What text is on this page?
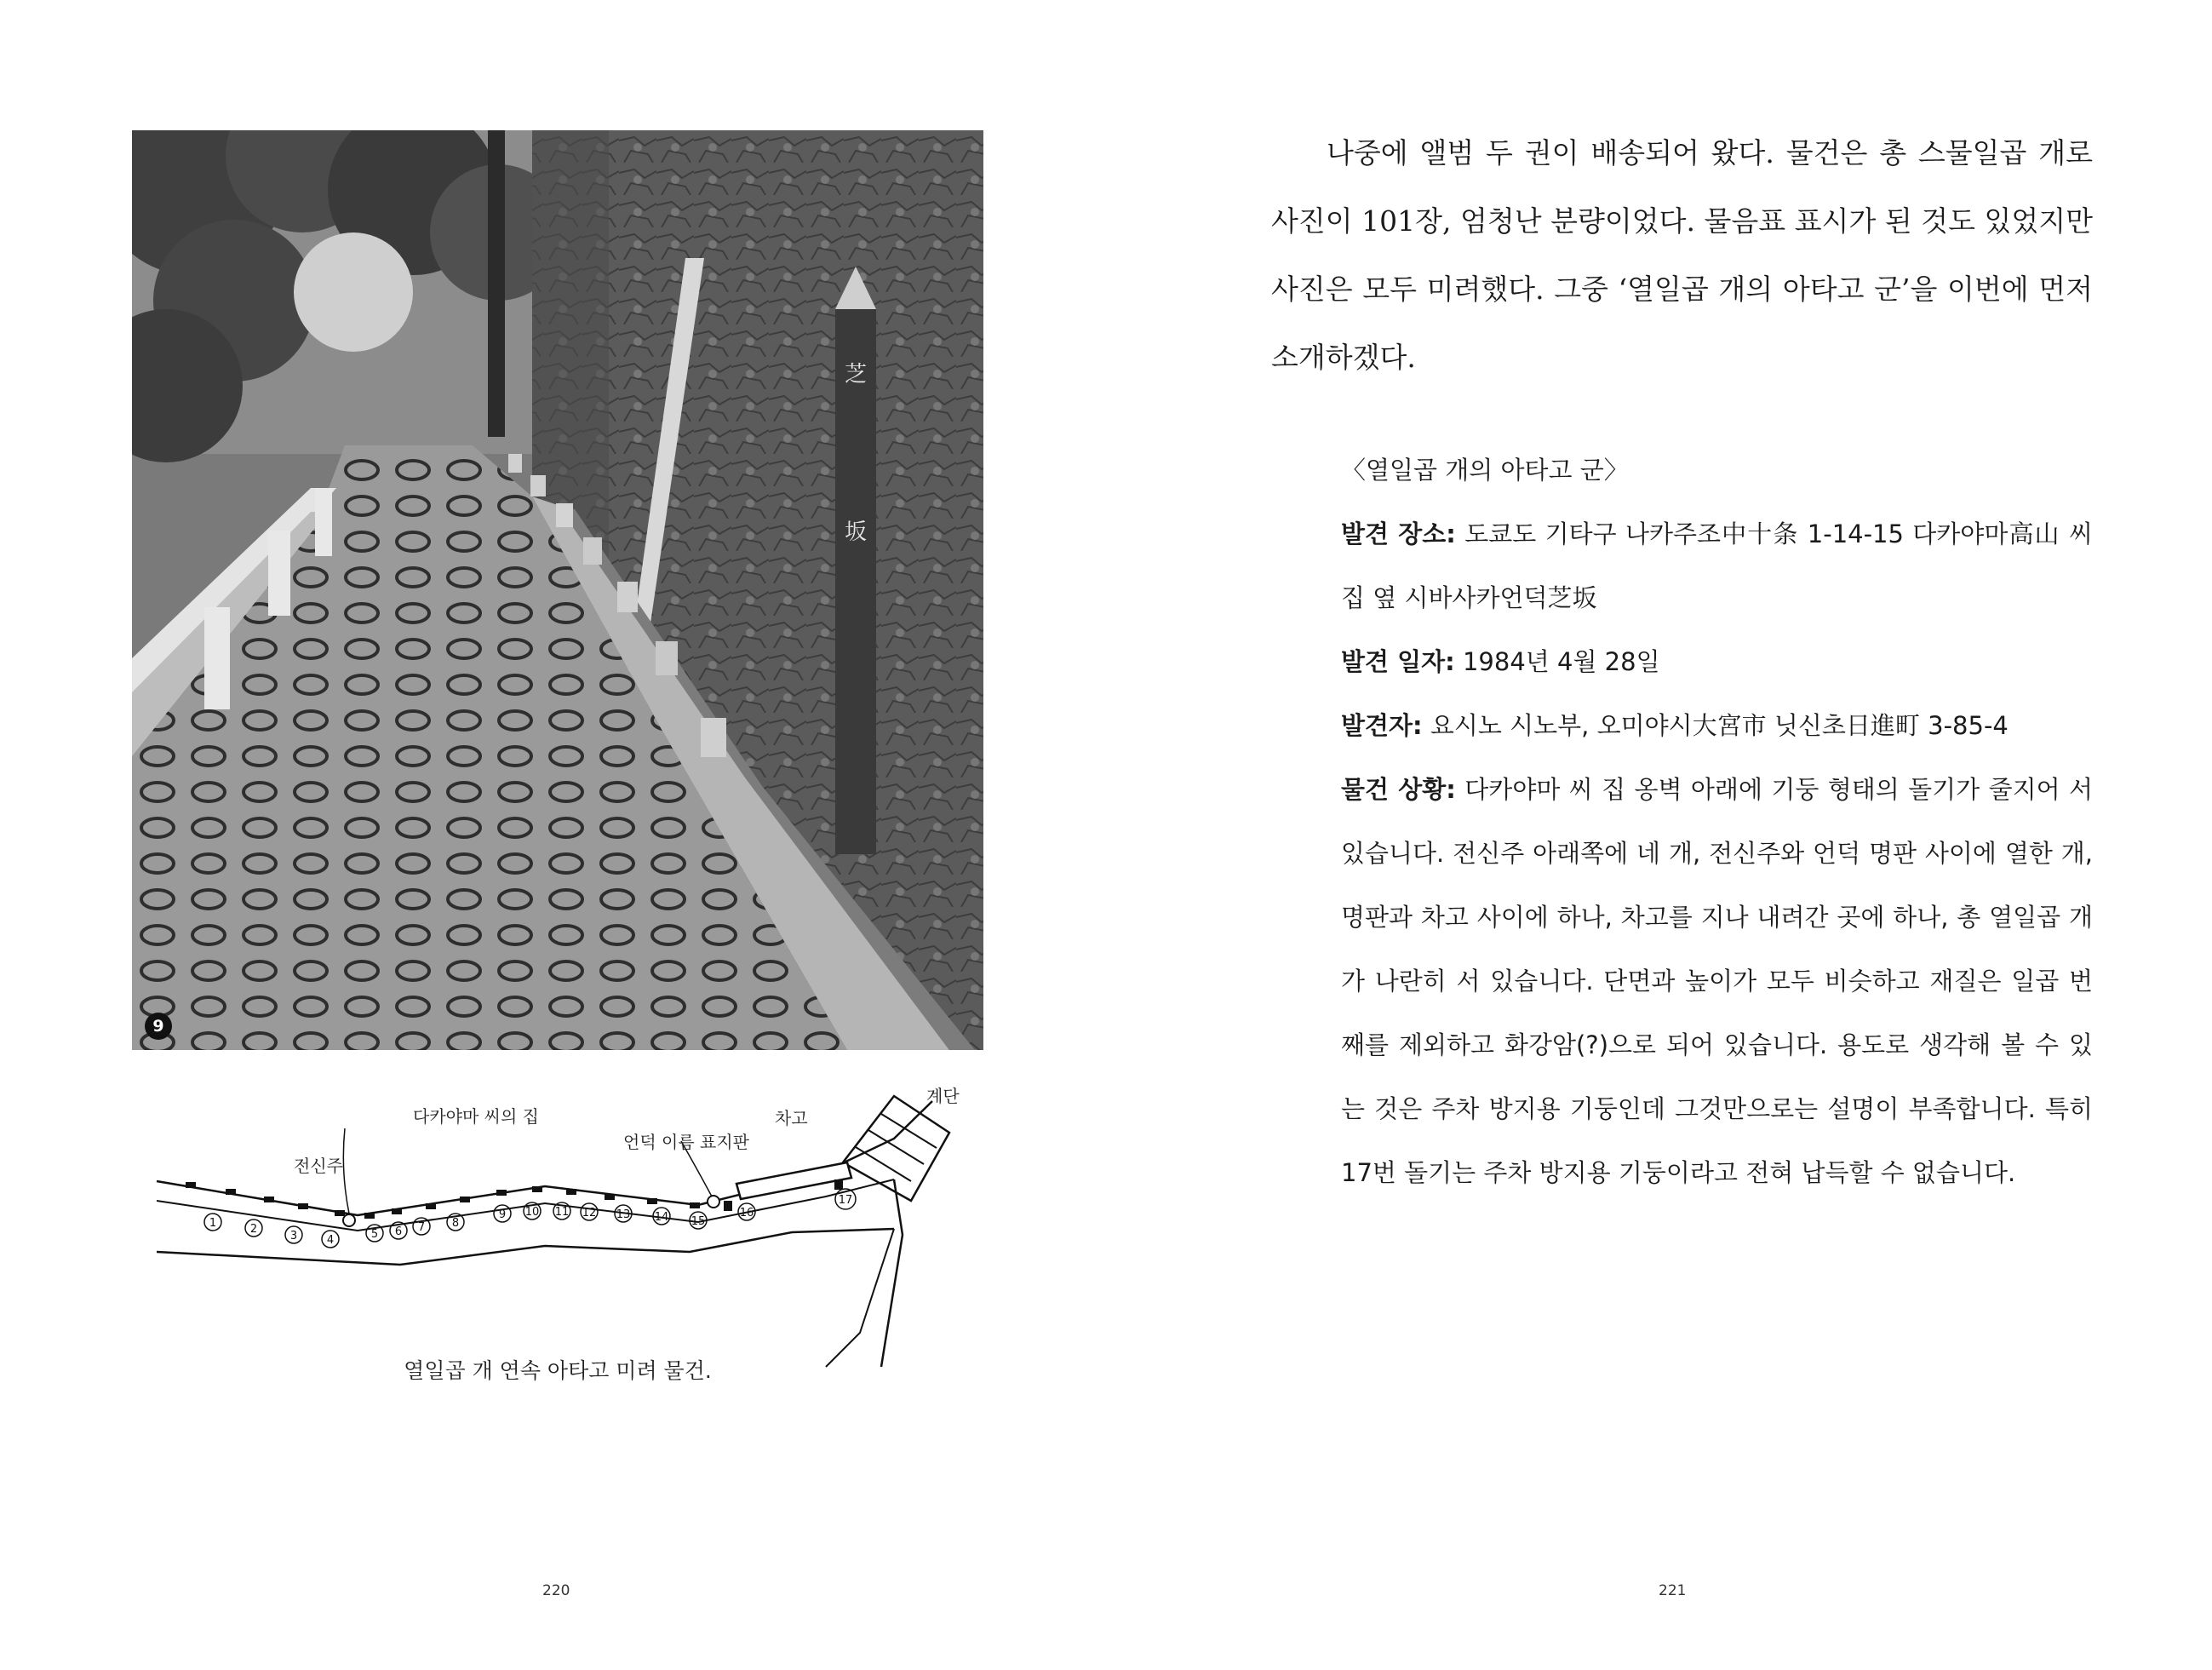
芝
坂
9
1	2
3	4	5 6 7 8
9 10 11 12 13 14 15
16
17
다카야마 씨의 집
언덕 이름 표지판
차고
계단
전신주
열일곱 개 연속 아타고 미려 물건.
220

나중에 앨범 두 권이 배송되어 왔다. 물건은 총 스물일곱 개로 사진이 101장, 엄청난 분량이었다. 물음표 표시가 된 것도 있었지만 사진은 모두 미려했다. 그중 ‘열일곱 개의 아타고 군’을 이번에 먼저 소개하겠다.

〈열일곱 개의 아타고 군〉

발견 장소: 도쿄도 기타구 나카주조中十条 1-14-15 다카야마高山 씨 집 옆 시바사카언덕芝坂

발견 일자: 1984년 4월 28일

발견자: 요시노 시노부, 오미야시大宮市 닛신초日進町 3-85-4

물건 상황: 다카야마 씨 집 옹벽 아래에 기둥 형태의 돌기가 줄지어 서 있습니다. 전신주 아래쪽에 네 개, 전신주와 언덕 명판 사이에 열한 개, 명판과 차고 사이에 하나, 차고를 지나 내려간 곳에 하나, 총 열일곱 개가 나란히 서 있습니다. 단면과 높이가 모두 비슷하고 재질은 일곱 번째를 제외하고 화강암(?)으로 되어 있습니다. 용도로 생각해 볼 수 있는 것은 주차 방지용 기둥인데 그것만으로는 설명이 부족합니다. 특히 17번 돌기는 주차 방지용 기둥이라고 전혀 납득할 수 없습니다.

221
